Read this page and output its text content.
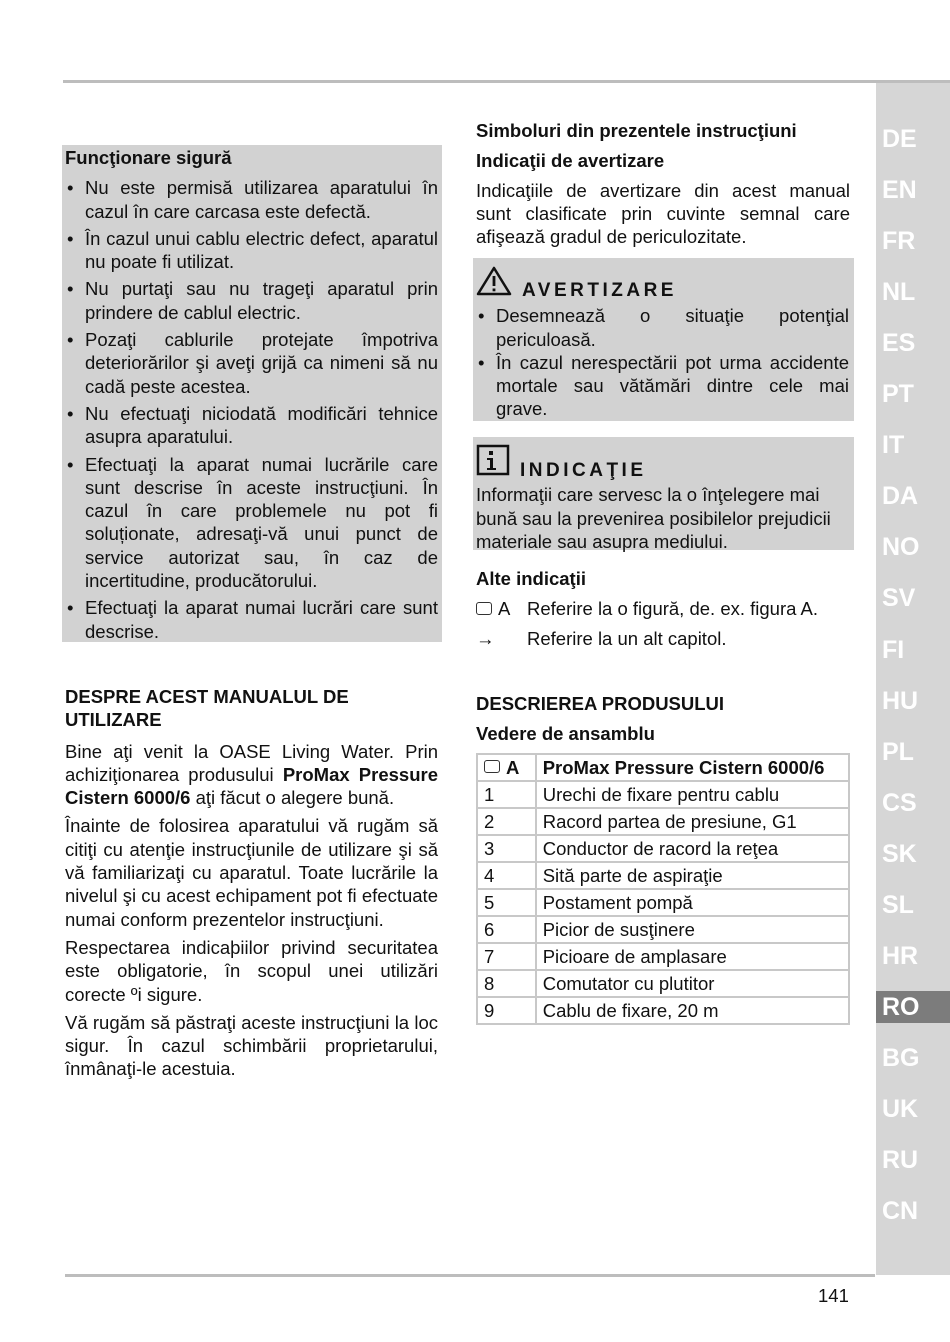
DE
EN
FR
NL
ES
PT
IT
DA
NO
SV
FI
HU
PL
CS
SK
SL
HR
RO
BG
UK
RU
CN

Funcţionare sigură

• Nu este permisă utilizarea aparatului în cazul în care carcasa este defectă.
• În cazul unui cablu electric defect, aparatul nu poate fi utilizat.
• Nu purtaţi sau nu trageţi aparatul prin prindere de cablul electric.
• Pozaţi cablurile protejate împotriva deteriorărilor şi aveţi grijă ca nimeni să nu cadă peste acestea.
• Nu efectuaţi niciodată modificări tehnice asupra aparatului.
• Efectuaţi la aparat numai lucrările care sunt descrise în aceste instrucţiuni. În cazul în care problemele nu pot fi soluționate, adresaţi-vă unui punct de service autorizat sau, în caz de incertitudine, producătorului.
• Efectuaţi la aparat numai lucrări care sunt descrise.

DESPRE ACEST MANUALUL DE UTILIZARE

Bine aţi venit la OASE Living Water. Prin achiziţionarea produsului ProMax Pressure Cistern 6000/6 aţi făcut o alegere bună.

Înainte de folosirea aparatului vă rugăm să citiţi cu atenţie instrucţiunile de utilizare şi să vă familiarizaţi cu aparatul. Toate lucrările la nivelul şi cu acest echipament pot fi efectuate numai conform prezentelor instrucţiuni.

Respectarea indicaþiilor privind securitatea este obligatorie, în scopul unei utilizări corecte ºi sigure.

Vă rugăm să păstraţi aceste instrucţiuni la loc sigur. În cazul schimbării proprietarului, înmânaţi-le acestuia.

Simboluri din prezentele instrucţiuni

Indicaţii de avertizare

Indicaţiile de avertizare din acest manual sunt clasificate prin cuvinte semnal care afişează gradul de periculozitate.

AVERTIZARE
• Desemnează o situaţie potenţial periculoasă.
• În cazul nerespectării pot urma accidente mortale sau vătămări dintre cele mai grave.
INDICAŢIE

Informaţii care servesc la o înţelegere mai bună sau la prevenirea posibilelor prejudicii materiale sau asupra mediului.

Alte indicaţii

A Referire la o figură, de. ex. figura A.
→	Referire la un alt capitol.

DESCRIEREA PRODUSULUI

Vedere de ansamblu

A	ProMax Pressure Cistern 6000/6
1	Urechi de fixare pentru cablu
2	Racord partea de presiune, G1
3	Conductor de racord la reţea
4	Sită parte de aspiraţie
5	Postament pompă
6	Picior de susţinere
7	Picioare de amplasare
8	Comutator cu plutitor
9	Cablu de fixare, 20 m
141
